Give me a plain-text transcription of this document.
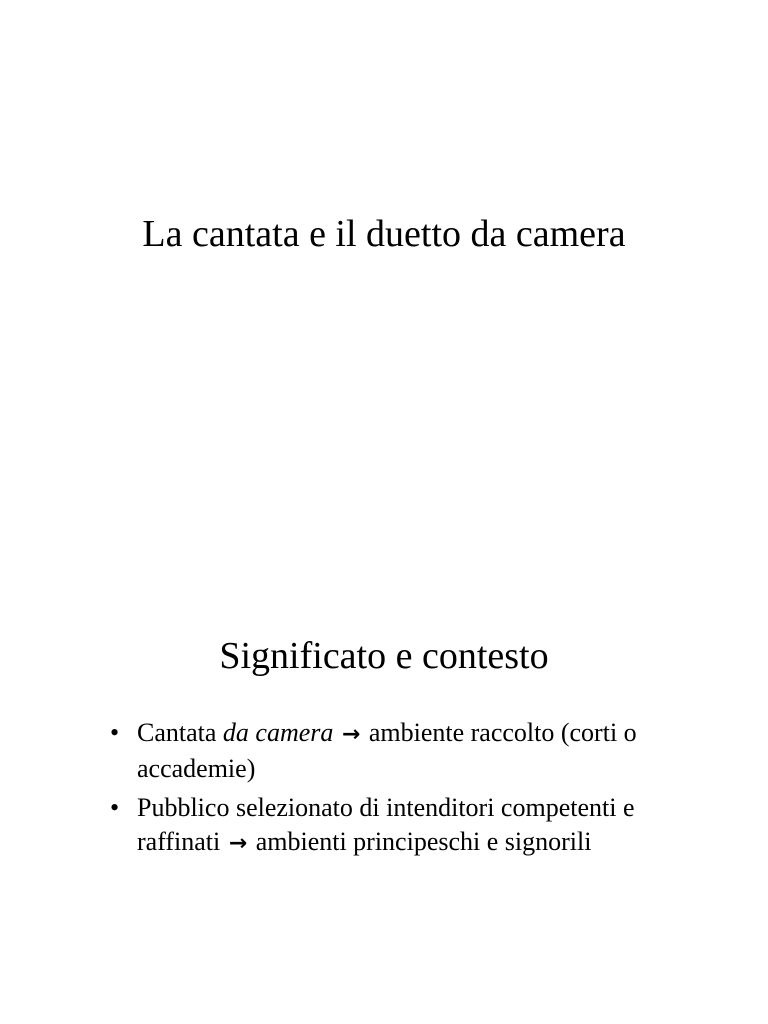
La cantata e il duetto da camera
Significato e contesto
• Cantata da camera → ambiente raccolto (corti o accademie)
• Pubblico selezionato di intenditori competenti e raffinati → ambienti principeschi e signorili
